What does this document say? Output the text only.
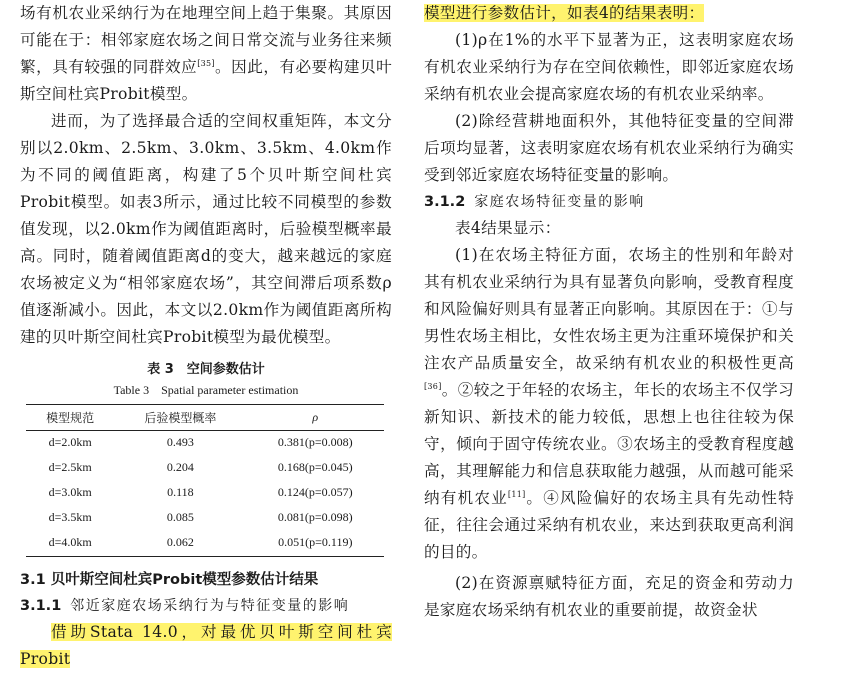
场有机农业采纳行为在地理空间上趋于集聚。其原因可能在于：相邻家庭农场之间日常交流与业务往来频繁，具有较强的同群效应[35]。因此，有必要构建贝叶斯空间杜宾Probit模型。

进而，为了选择最合适的空间权重矩阵，本文分别以2.0km、2.5km、3.0km、3.5km、4.0km作为不同的阈值距离，构建了5个贝叶斯空间杜宾Probit模型。如表3所示，通过比较不同模型的参数值发现，以2.0km作为阈值距离时，后验模型概率最高。同时，随着阈值距离d的变大，越来越远的家庭农场被定义为“相邻家庭农场”，其空间滞后项系数ρ值逐渐减小。因此，本文以2.0km作为阈值距离所构建的贝叶斯空间杜宾Probit模型为最优模型。

表 3　空间参数估计

Table 3　Spatial parameter estimation

模型规范	后验模型概率	ρ
d=2.0km	0.493	0.381(p=0.008)
d=2.5km	0.204	0.168(p=0.045)
d=3.0km	0.118	0.124(p=0.057)
d=3.5km	0.085	0.081(p=0.098)
d=4.0km	0.062	0.051(p=0.119)

3.1 贝叶斯空间杜宾Probit模型参数估计结果

3.1.1 邻近家庭农场采纳行为与特征变量的影响

借助Stata 14.0，对最优贝叶斯空间杜宾Probit

模型进行参数估计，如表4的结果表明：

(1)ρ在1%的水平下显著为正，这表明家庭农场有机农业采纳行为存在空间依赖性，即邻近家庭农场采纳有机农业会提高家庭农场的有机农业采纳率。

(2)除经营耕地面积外，其他特征变量的空间滞后项均显著，这表明家庭农场有机农业采纳行为确实受到邻近家庭农场特征变量的影响。

3.1.2 家庭农场特征变量的影响

表4结果显示：

(1)在农场主特征方面，农场主的性别和年龄对其有机农业采纳行为具有显著负向影响，受教育程度和风险偏好则具有显著正向影响。其原因在于：①与男性农场主相比，女性农场主更为注重环境保护和关注农产品质量安全，故采纳有机农业的积极性更高[36]。②较之于年轻的农场主，年长的农场主不仅学习新知识、新技术的能力较低，思想上也往往较为保守，倾向于固守传统农业。③农场主的受教育程度越高，其理解能力和信息获取能力越强，从而越可能采纳有机农业[11]。④风险偏好的农场主具有先动性特征，往往会通过采纳有机农业，来达到获取更高利润的目的。

(2)在资源禀赋特征方面，充足的资金和劳动力是家庭农场采纳有机农业的重要前提，故资金状
